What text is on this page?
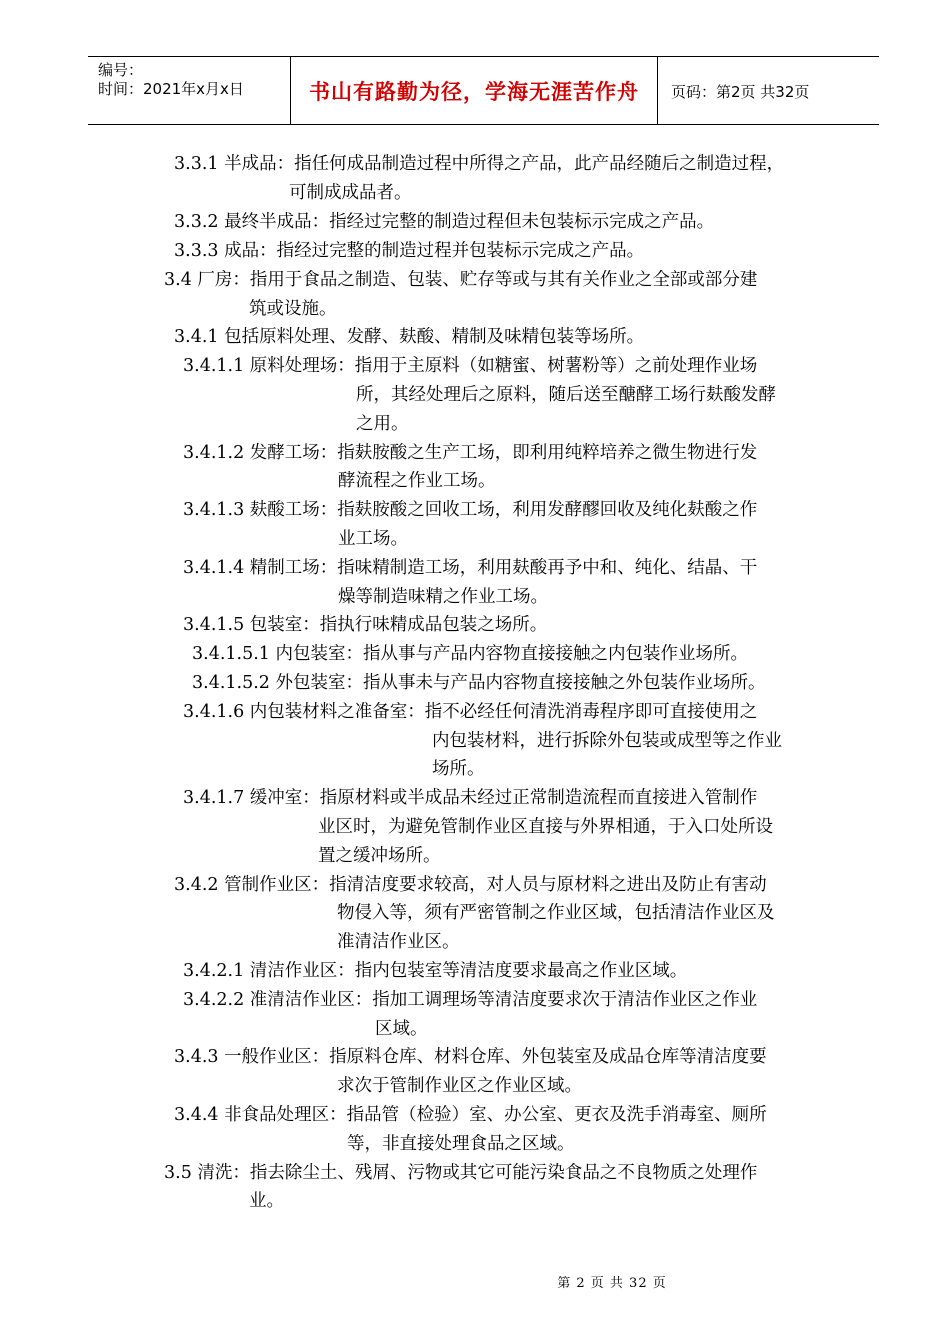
编号：
时间：2021年x月x日	书山有路勤为径，学海无涯苦作舟	页码：第2页 共32页
3.3.1 半成品：指任何成品制造过程中所得之产品，此产品经随后之制造过程，
可制成成品者。
3.3.2 最终半成品：指经过完整的制造过程但未包装标示完成之产品。
3.3.3 成品：指经过完整的制造过程并包装标示完成之产品。
3.4 厂房：指用于食品之制造、包装、贮存等或与其有关作业之全部或部分建
筑或设施。
3.4.1 包括原料处理、发酵、麸酸、精制及味精包装等场所。
3.4.1.1 原料处理场：指用于主原料（如糖蜜、树薯粉等）之前处理作业场
所，其经处理后之原料，随后送至醣酵工场行麸酸发酵
之用。
3.4.1.2 发酵工场：指麸胺酸之生产工场，即利用纯粹培养之微生物进行发
酵流程之作业工场。
3.4.1.3 麸酸工场：指麸胺酸之回收工场，利用发酵醪回收及纯化麸酸之作
业工场。
3.4.1.4 精制工场：指味精制造工场，利用麸酸再予中和、纯化、结晶、干
燥等制造味精之作业工场。
3.4.1.5 包装室：指执行味精成品包装之场所。
3.4.1.5.1 内包装室：指从事与产品内容物直接接触之内包装作业场所。
3.4.1.5.2 外包装室：指从事未与产品内容物直接接触之外包装作业场所。
3.4.1.6 内包装材料之准备室：指不必经任何清洗消毒程序即可直接使用之
内包装材料，进行拆除外包装或成型等之作业
场所。
3.4.1.7 缓冲室：指原材料或半成品未经过正常制造流程而直接进入管制作
业区时，为避免管制作业区直接与外界相通，于入口处所设
置之缓冲场所。
3.4.2 管制作业区：指清洁度要求较高，对人员与原材料之进出及防止有害动
物侵入等，须有严密管制之作业区域，包括清洁作业区及
准清洁作业区。
3.4.2.1 清洁作业区：指内包装室等清洁度要求最高之作业区域。
3.4.2.2 准清洁作业区：指加工调理场等清洁度要求次于清洁作业区之作业
区域。
3.4.3 一般作业区：指原料仓库、材料仓库、外包装室及成品仓库等清洁度要
求次于管制作业区之作业区域。
3.4.4 非食品处理区：指品管（检验）室、办公室、更衣及洗手消毒室、厕所
等，非直接处理食品之区域。
3.5 清洗：指去除尘土、残屑、污物或其它可能污染食品之不良物质之处理作
业。
第 2 页 共 32 页
